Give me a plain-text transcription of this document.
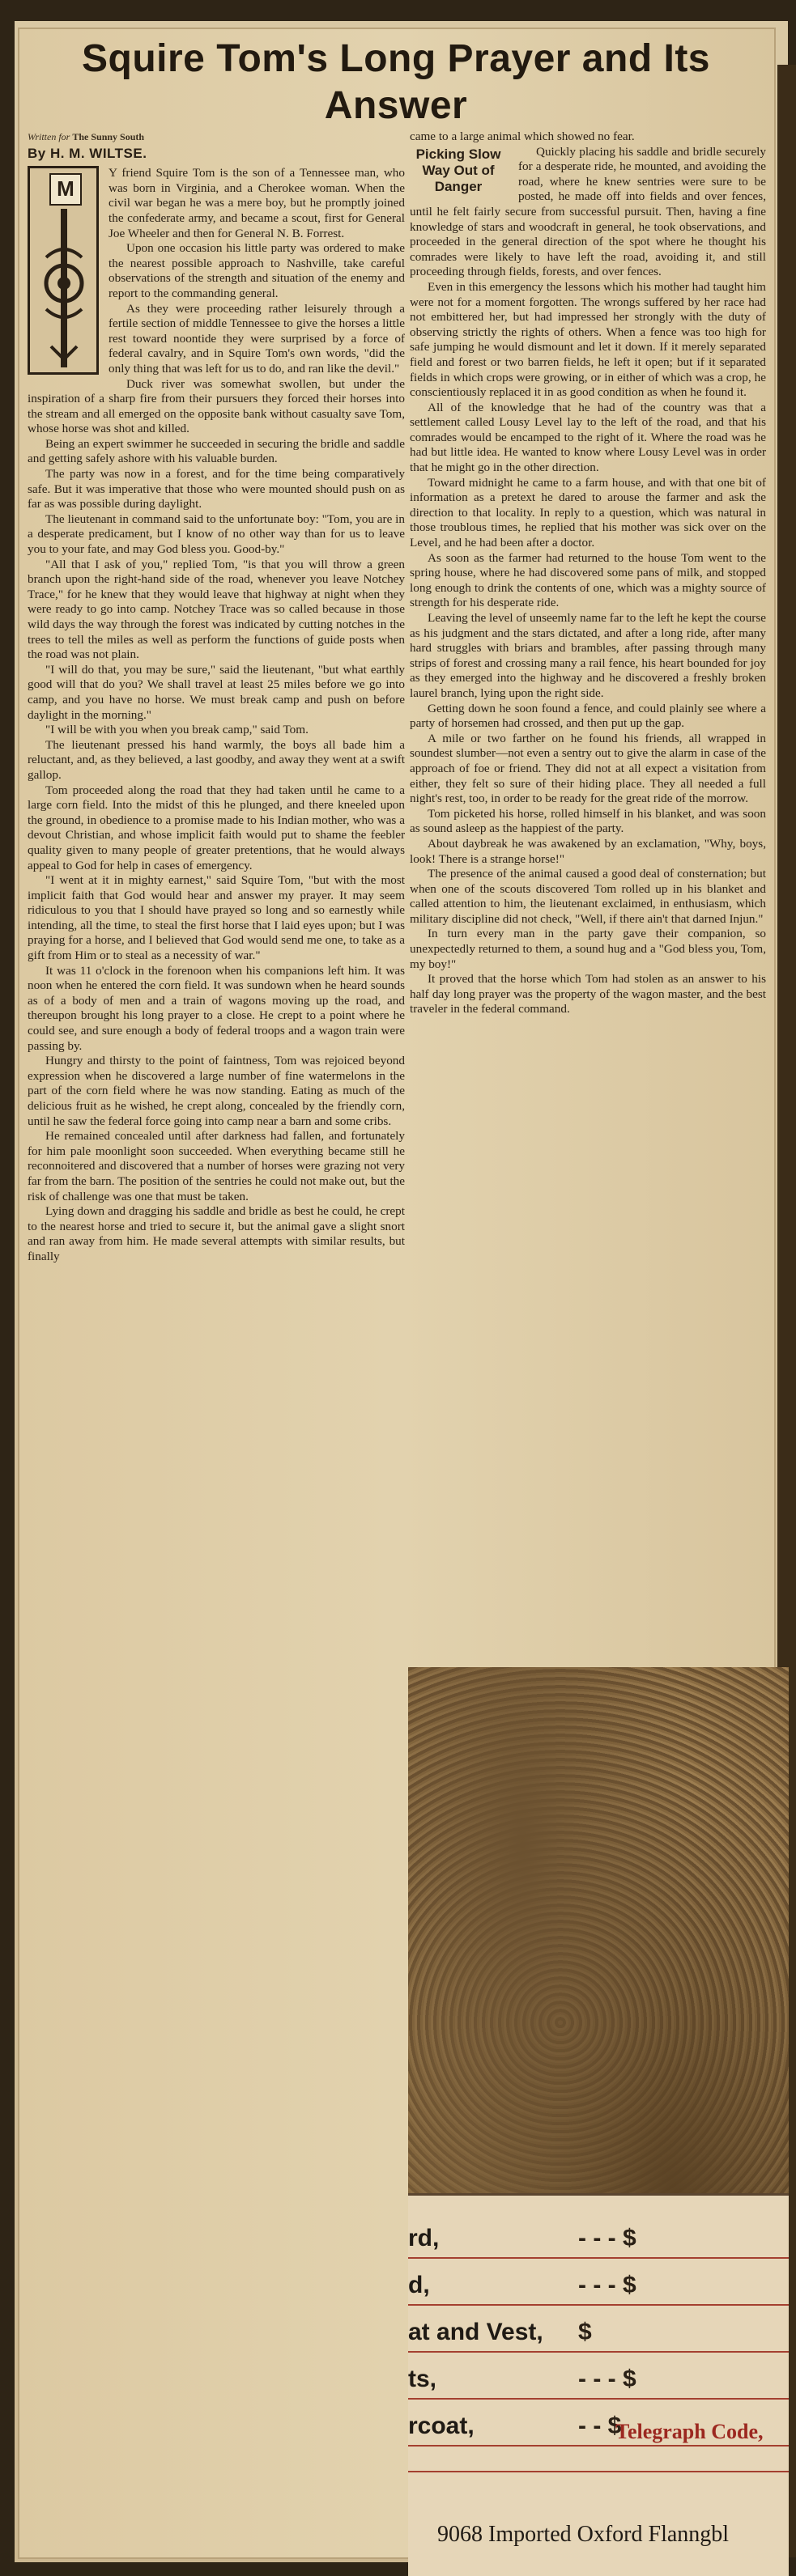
Squire Tom's Long Prayer and Its Answer
Written for The Sunny South
By H. M. WILTSE.
M

Y friend Squire Tom is the son of a Tennessee man, who was born in Virginia, and a Cherokee woman. When the civil war began he was a mere boy, but he promptly joined the confederate army, and became a scout, first for General Joe Wheeler and then for General N. B. Forrest.

Upon one occasion his little party was ordered to make the nearest possible approach to Nashville, take careful observations of the strength and situation of the enemy and report to the commanding general.

As they were proceeding rather leisurely through a fertile section of middle Tennessee to give the horses a little rest toward noontide they were surprised by a force of federal cavalry, and in Squire Tom's own words, "did the only thing that was left for us to do, and ran like the devil."

Duck river was somewhat swollen, but under the inspiration of a sharp fire from their pursuers they forced their horses into the stream and all emerged on the opposite bank without casualty save Tom, whose horse was shot and killed.

Being an expert swimmer he succeeded in securing the bridle and saddle and getting safely ashore with his valuable burden.

The party was now in a forest, and for the time being comparatively safe. But it was imperative that those who were mounted should push on as far as was possible during daylight.

The lieutenant in command said to the unfortunate boy: "Tom, you are in a desperate predicament, but I know of no other way than for us to leave you to your fate, and may God bless you. Good-by."

"All that I ask of you," replied Tom, "is that you will throw a green branch upon the right-hand side of the road, whenever you leave Notchey Trace," for he knew that they would leave that highway at night when they were ready to go into camp. Notchey Trace was so called because in those wild days the way through the forest was indicated by cutting notches in the trees to tell the miles as well as perform the functions of guide posts when the road was not plain.

"I will do that, you may be sure," said the lieutenant, "but what earthly good will that do you? We shall travel at least 25 miles before we go into camp, and you have no horse. We must break camp and push on before daylight in the morning."

"I will be with you when you break camp," said Tom.

The lieutenant pressed his hand warmly, the boys all bade him a reluctant, and, as they believed, a last goodby, and away they went at a swift gallop.

Tom proceeded along the road that they had taken until he came to a large corn field. Into the midst of this he plunged, and there kneeled upon the ground, in obedience to a promise made to his Indian mother, who was a devout Christian, and whose implicit faith would put to shame the feebler quality given to many people of greater pretentions, that he would always appeal to God for help in cases of emergency.

"I went at it in mighty earnest," said Squire Tom, "but with the most implicit faith that God would hear and answer my prayer. It may seem ridiculous to you that I should have prayed so long and so earnestly while intending, all the time, to steal the first horse that I laid eyes upon; but I was praying for a horse, and I believed that God would send me one, to take as a gift from Him or to steal as a necessity of war."

It was 11 o'clock in the forenoon when his companions left him. It was noon when he entered the corn field. It was sundown when he heard sounds as of a body of men and a train of wagons moving up the road, and thereupon brought his long prayer to a close. He crept to a point where he could see, and sure enough a body of federal troops and a wagon train were passing by.

Hungry and thirsty to the point of faintness, Tom was rejoiced beyond expression when he discovered a large number of fine watermelons in the part of the corn field where he was now standing. Eating as much of the delicious fruit as he wished, he crept along, concealed by the friendly corn, until he saw the federal force going into camp near a barn and some cribs.

He remained concealed until after darkness had fallen, and fortunately for him pale moonlight soon succeeded. When everything became still he reconnoitered and discovered that a number of horses were grazing not very far from the barn. The position of the sentries he could not make out, but the risk of challenge was one that must be taken.

Lying down and dragging his saddle and bridle as best he could, he crept to the nearest horse and tried to secure it, but the animal gave a slight snort and ran away from him. He made several attempts with similar results, but finally

came to a large animal which showed no fear.

Picking Slow Way Out of Danger

Quickly placing his saddle and bridle securely for a desperate ride, he mounted, and avoiding the road, where he knew sentries were sure to be posted, he made off into fields and over fences, until he felt fairly secure from successful pursuit. Then, having a fine knowledge of stars and woodcraft in general, he took observations, and proceeded in the general direction of the spot where he thought his comrades were likely to have left the road, avoiding it, and still proceeding through fields, forests, and over fences.

Even in this emergency the lessons which his mother had taught him were not for a moment forgotten. The wrongs suffered by her race had not embittered her, but had impressed her strongly with the duty of observing strictly the rights of others. When a fence was too high for safe jumping he would dismount and let it down. If it merely separated field and forest or two barren fields, he left it open; but if it separated fields in which crops were growing, or in either of which was a crop, he conscientiously replaced it in as good condition as when he found it.

All of the knowledge that he had of the country was that a settlement called Lousy Level lay to the left of the road, and that his comrades would be encamped to the right of it. Where the road was he had but little idea. He wanted to know where Lousy Level was in order that he might go in the other direction.

Toward midnight he came to a farm house, and with that one bit of information as a pretext he dared to arouse the farmer and ask the direction to that locality. In reply to a question, which was natural in those troublous times, he replied that his mother was sick over on the Level, and he had been after a doctor.

As soon as the farmer had returned to the house Tom went to the spring house, where he had discovered some pans of milk, and stopped long enough to drink the contents of one, which was a mighty source of strength for his desperate ride.

Leaving the level of unseemly name far to the left he kept the course as his judgment and the stars dictated, and after a long ride, after many hard struggles with briars and brambles, after passing through many strips of forest and crossing many a rail fence, his heart bounded for joy as they emerged into the highway and he discovered a freshly broken laurel branch, lying upon the right side.

Getting down he soon found a fence, and could plainly see where a party of horsemen had crossed, and then put up the gap.

A mile or two farther on he found his friends, all wrapped in soundest slumber—not even a sentry out to give the alarm in case of the approach of foe or friend. They did not at all expect a visitation from either, they felt so sure of their hiding place. They all needed a full night's rest, too, in order to be ready for the great ride of the morrow.

Tom picketed his horse, rolled himself in his blanket, and was soon as sound asleep as the happiest of the party.

About daybreak he was awakened by an exclamation, "Why, boys, look! There is a strange horse!"

The presence of the animal caused a good deal of consternation; but when one of the scouts discovered Tom rolled up in his blanket and called attention to him, the lieutenant exclaimed, in enthusiasm, which military discipline did not check, "Well, if there ain't that darned Injun."

In turn every man in the party gave their companion, so unexpectedly returned to them, a sound hug and a "God bless you, Tom, my boy!"

It proved that the horse which Tom had stolen as an answer to his half day long prayer was the property of the wagon master, and the best traveler in the federal command.

rd,	- - - $
d,	- - - $
at and Vest, $
ts,	- - - $
rcoat,	- - $
Telegraph Code,
9068 Imported Oxford Flanngbl
